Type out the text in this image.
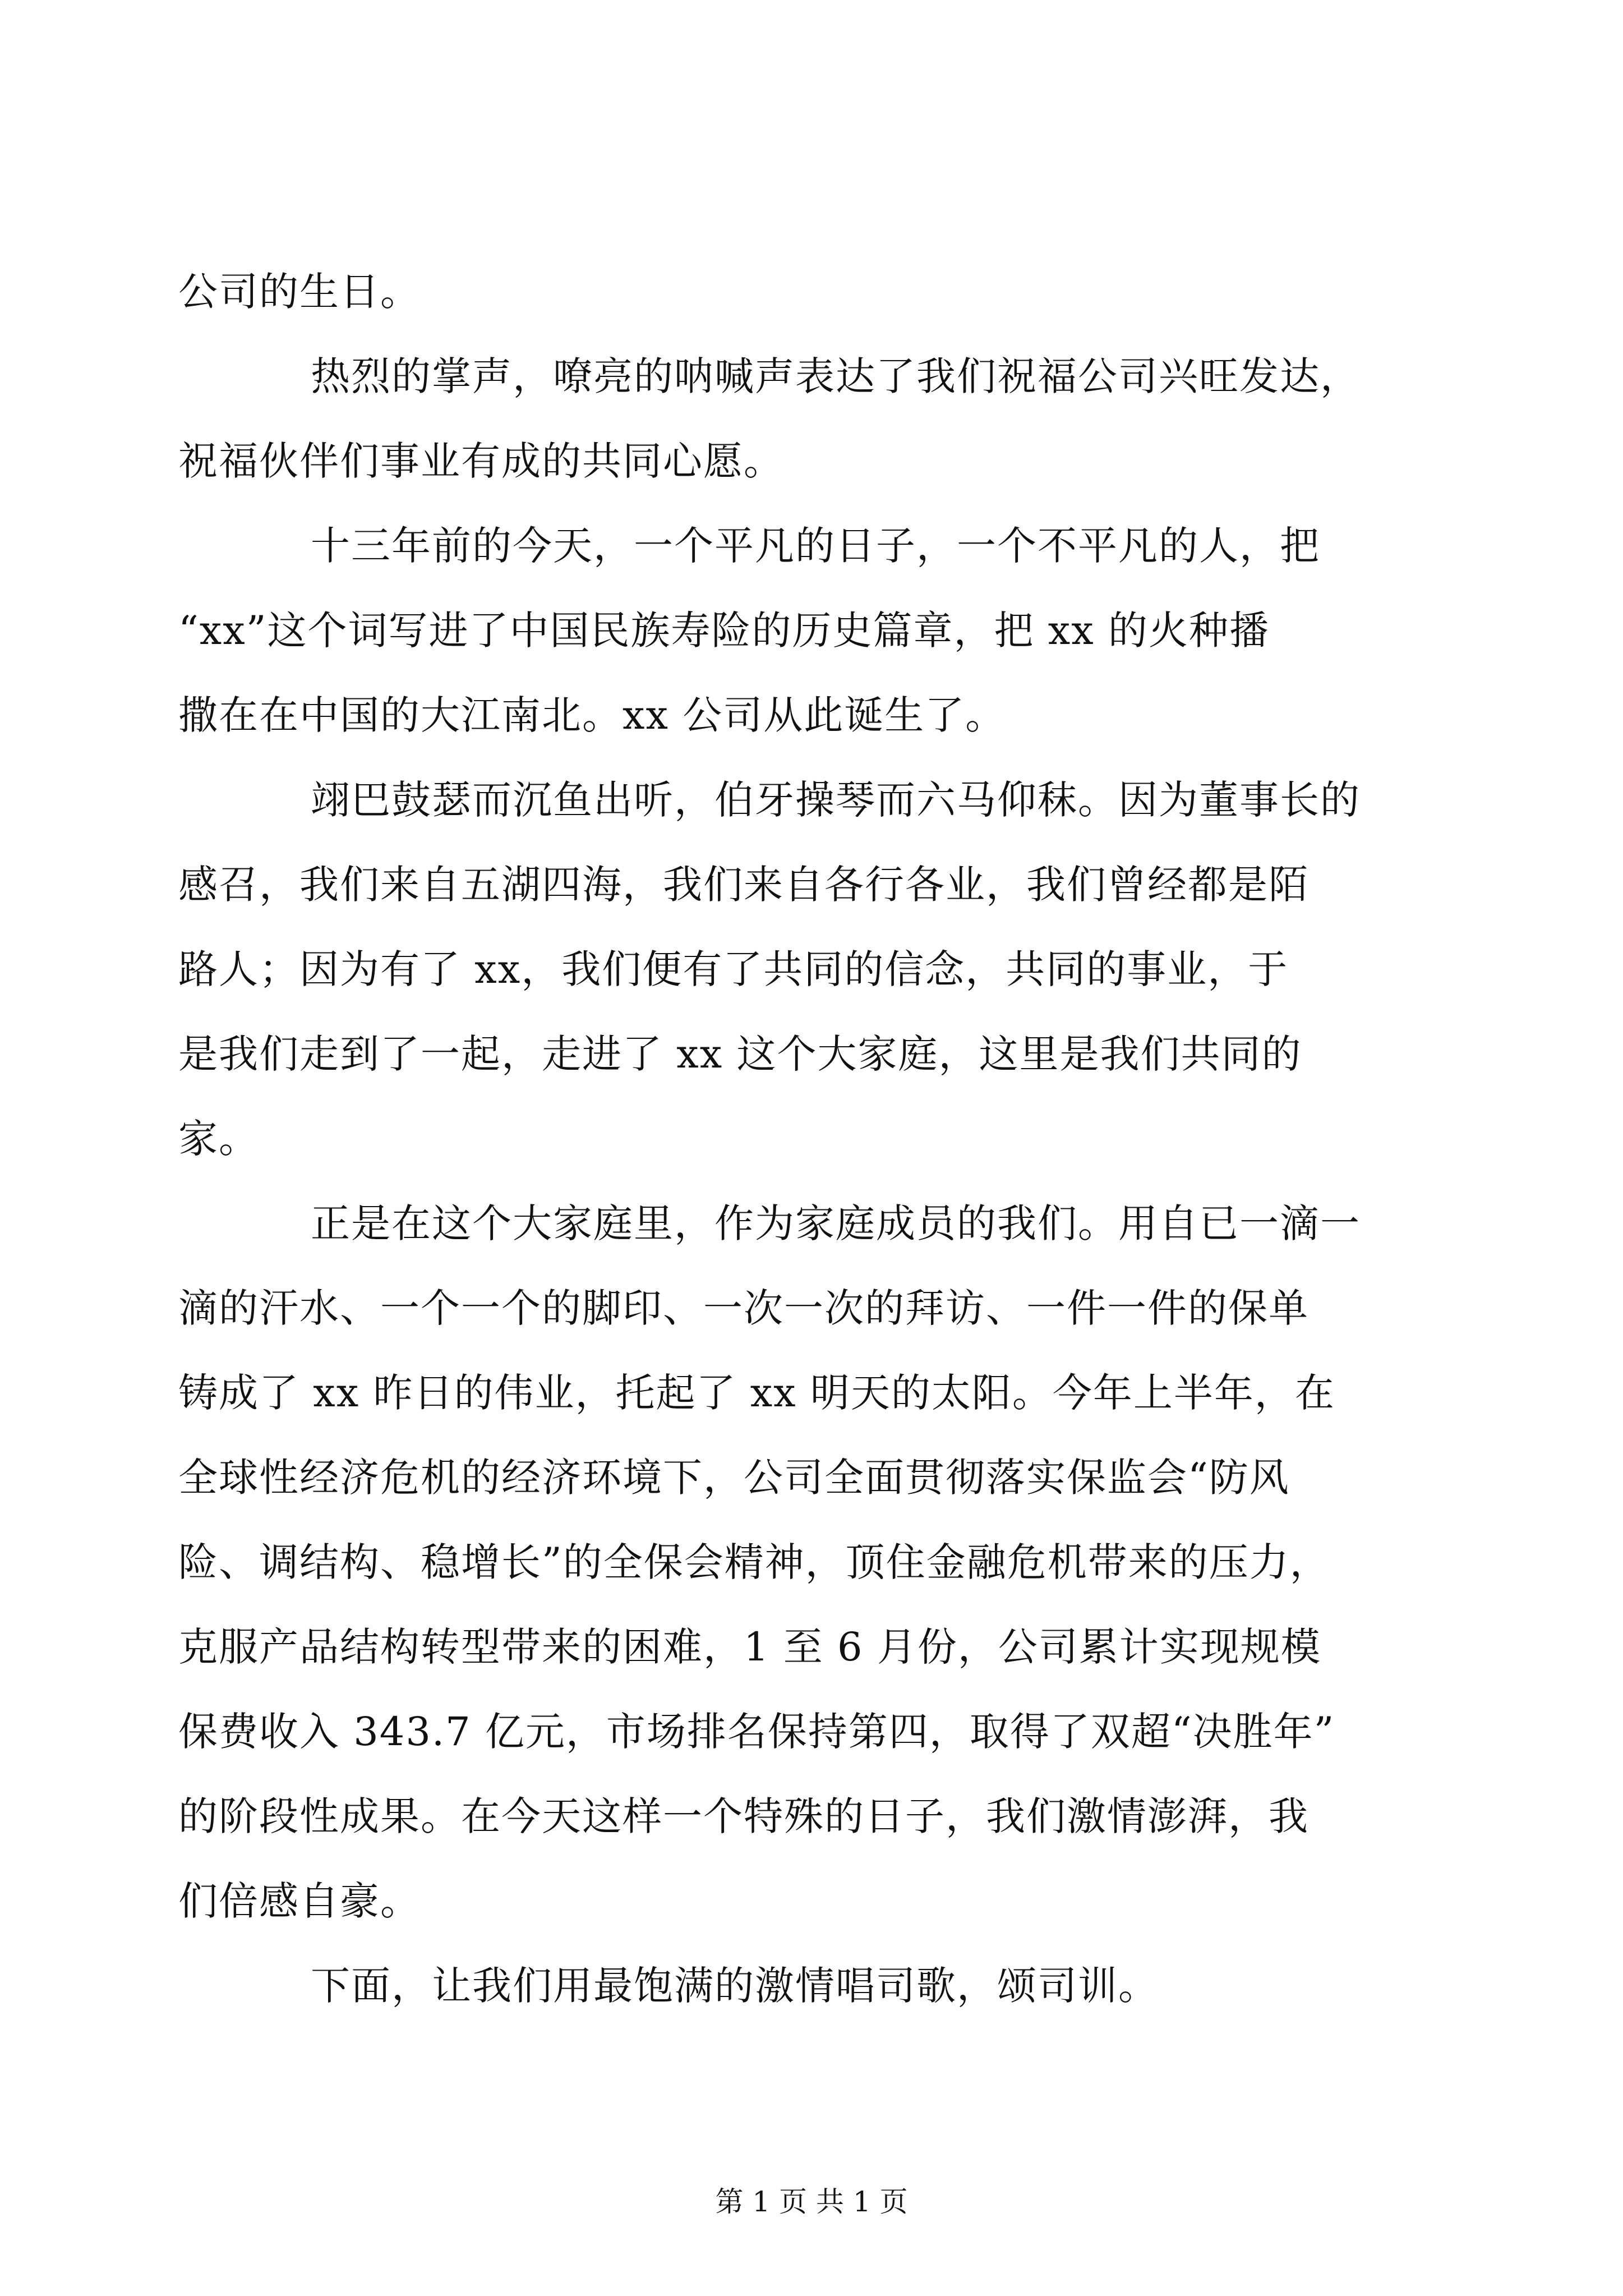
公司的生日。
热烈的掌声，嘹亮的呐喊声表达了我们祝福公司兴旺发达，
祝福伙伴们事业有成的共同心愿。
十三年前的今天，一个平凡的日子，一个不平凡的人，把
“xx”这个词写进了中国民族寿险的历史篇章，把 xx 的火种播
撒在在中国的大江南北。xx 公司从此诞生了。
翊巴鼓瑟而沉鱼出听，伯牙操琴而六马仰秣。因为董事长的
感召，我们来自五湖四海，我们来自各行各业，我们曾经都是陌
路人；因为有了 xx，我们便有了共同的信念，共同的事业，于
是我们走到了一起，走进了 xx 这个大家庭，这里是我们共同的
家。
正是在这个大家庭里，作为家庭成员的我们。用自已一滴一
滴的汗水、一个一个的脚印、一次一次的拜访、一件一件的保单
铸成了 xx 昨日的伟业，托起了 xx 明天的太阳。今年上半年，在
全球性经济危机的经济环境下，公司全面贯彻落实保监会“防风
险、调结构、稳增长”的全保会精神，顶住金融危机带来的压力，
克服产品结构转型带来的困难，1 至 6 月份，公司累计实现规模
保费收入 343.7 亿元，市场排名保持第四，取得了双超“决胜年”
的阶段性成果。在今天这样一个特殊的日子，我们激情澎湃，我
们倍感自豪。
下面，让我们用最饱满的激情唱司歌，颂司训。
第 1 页 共 1 页
